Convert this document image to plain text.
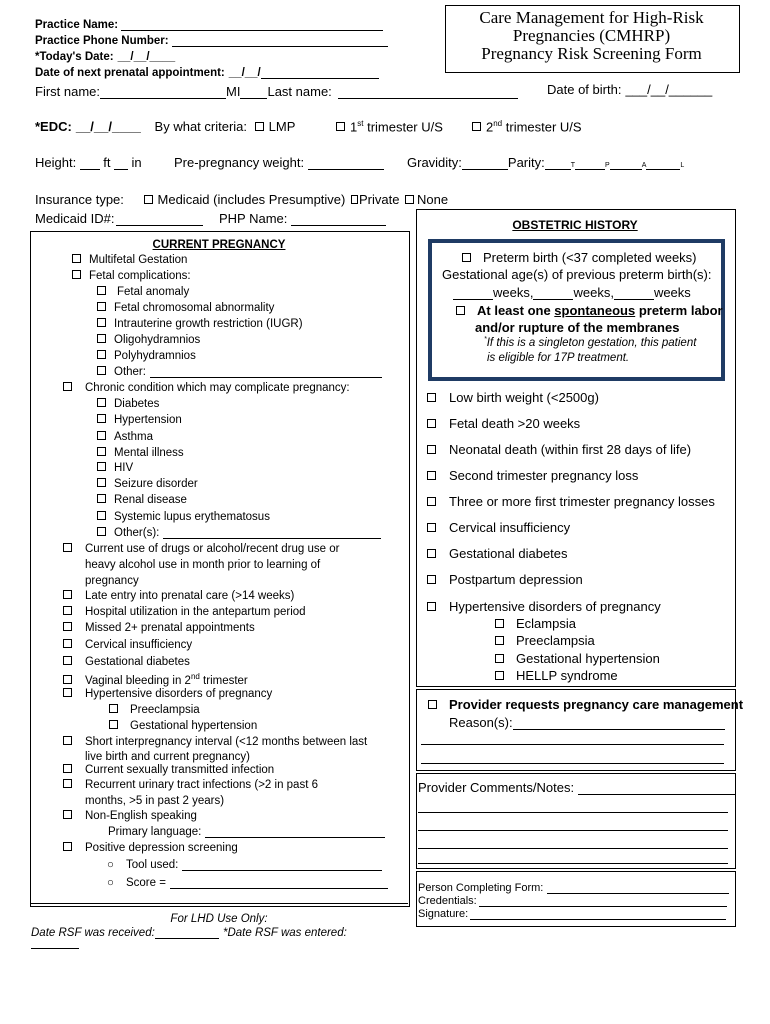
Care Management for High-Risk
Pregnancies (CMHRP)
Pregnancy Risk Screening Form
Practice Name:
Practice Phone Number:
*Today's Date: __/__/____
Date of next prenatal appointment: __/__/
First name:	MI Last name:	Date of birth: ___/__/______
*EDC: __/__/____ By what criteria: LMP	1st trimester U/S	2nd trimester U/S
Height: ft in Pre-pregnancy weight:	Gravidity:	Parity:	T	P	A	L
Insurance type:	Medicaid (includes Presumptive) Private	None
Medicaid ID#:	PHP Name:
CURRENT PREGNANCY
Multifetal Gestation
Fetal complications:
Fetal anomaly
Fetal chromosomal abnormality
Intrauterine growth restriction (IUGR)
Oligohydramnios
Polyhydramnios
Other:
Chronic condition which may complicate pregnancy:
Diabetes
Hypertension
Asthma
Mental illness
HIV
Seizure disorder
Renal disease
Systemic lupus erythematosus
Other(s):
Current use of drugs or alcohol/recent drug use or
heavy alcohol use in month prior to learning of
pregnancy
Late entry into prenatal care (>14 weeks)
Hospital utilization in the antepartum period
Missed 2+ prenatal appointments
Cervical insufficiency
Gestational diabetes
Vaginal bleeding in 2nd trimester
Hypertensive disorders of pregnancy
Preeclampsia
Gestational hypertension
Short interpregnancy interval (<12 months between last
live birth and current pregnancy)
Current sexually transmitted infection
Recurrent urinary tract infections (>2 in past 6
months, >5 in past 2 years)
Non-English speaking
Primary language:
Positive depression screening
○ Tool used:
○ Score =
For LHD Use Only:
Date RSF was received:	*Date RSF was entered:
OBSTETRIC HISTORY
Preterm birth (<37 completed weeks)
Gestational age(s) of previous preterm birth(s):
weeks,	weeks,	weeks
At least one spontaneous preterm labor
and/or rupture of the membranes
*If this is a singleton gestation, this patient
is eligible for 17P treatment.
Low birth weight (<2500g)
Fetal death >20 weeks
Neonatal death (within first 28 days of life)
Second trimester pregnancy loss
Three or more first trimester pregnancy losses
Cervical insufficiency
Gestational diabetes
Postpartum depression
Hypertensive disorders of pregnancy
Eclampsia
Preeclampsia
Gestational hypertension
HELLP syndrome
Provider requests pregnancy care management
Reason(s):
Provider Comments/Notes:
Person Completing Form:
Credentials:
Signature:
